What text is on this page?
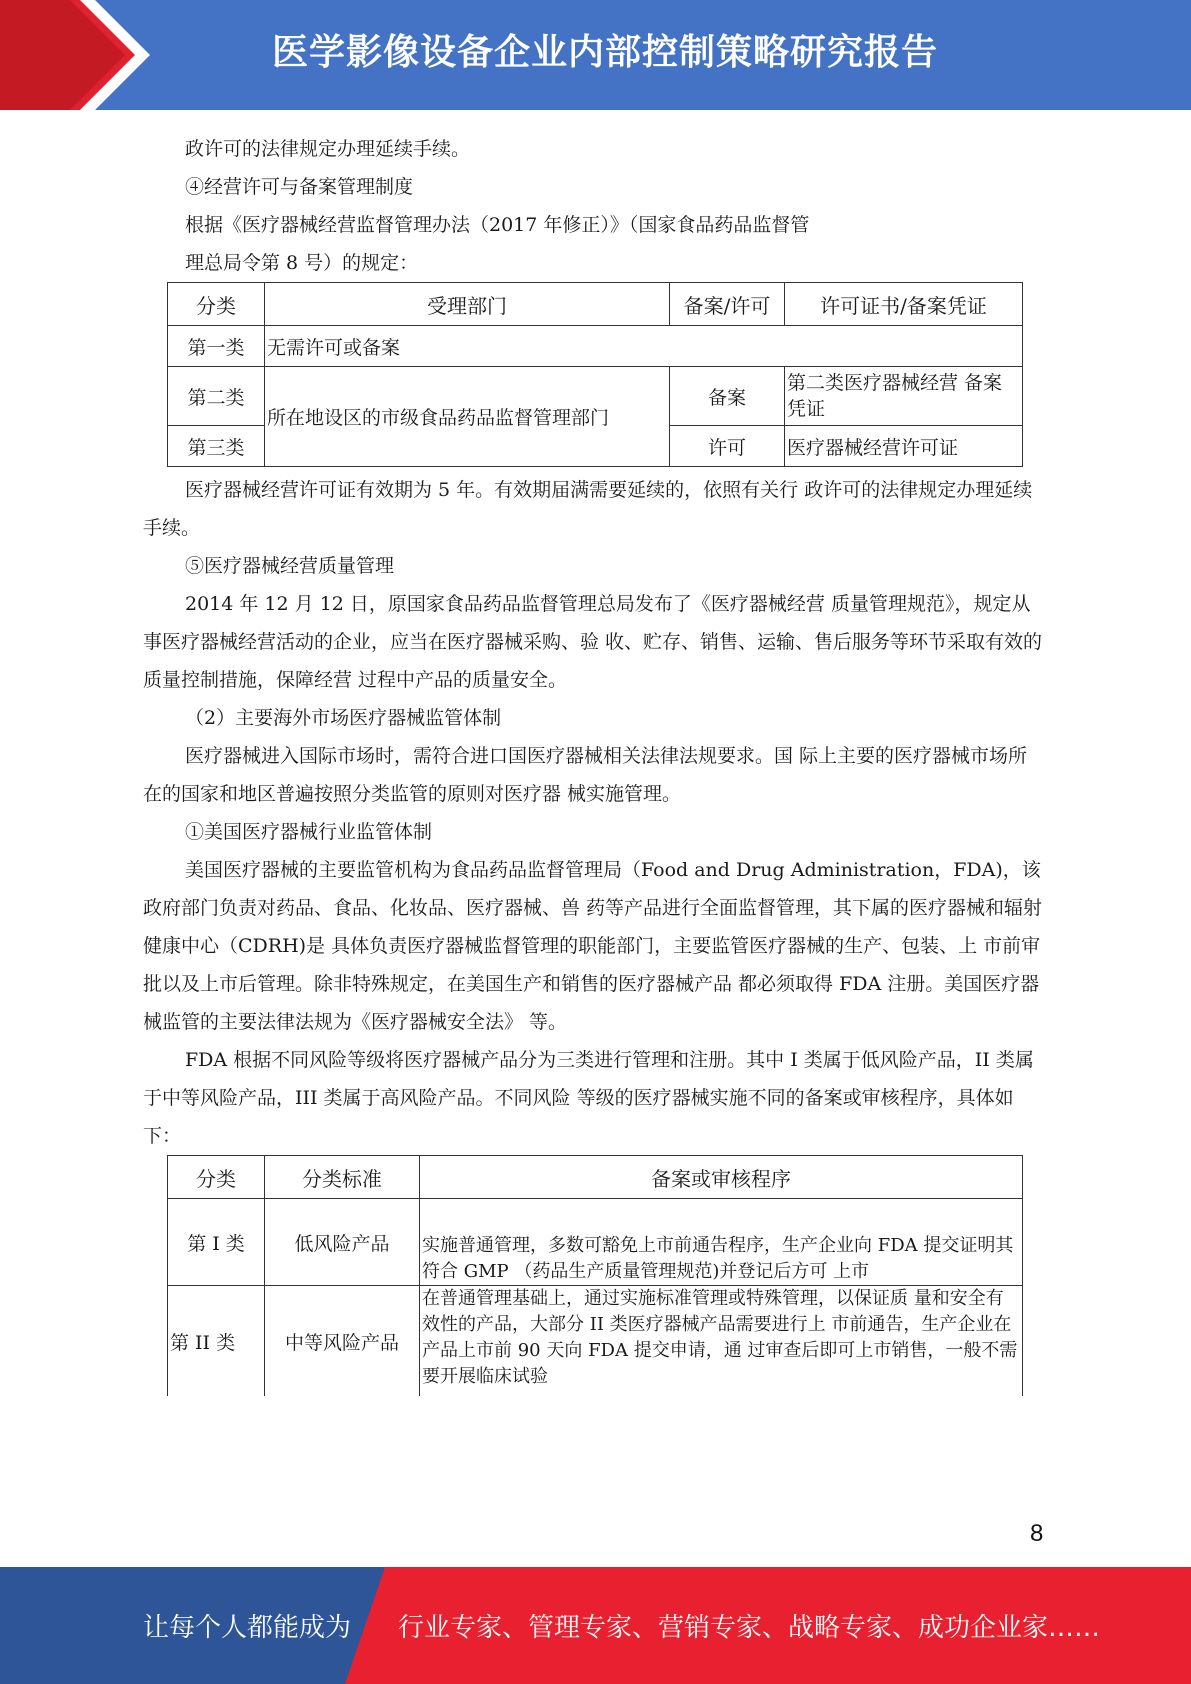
医学影像设备企业内部控制策略研究报告

政许可的法律规定办理延续手续。

④经营许可与备案管理制度

根据《医疗器械经营监督管理办法（2017 年修正）》（国家食品药品监督管

理总局令第 8 号）的规定：

分类	受理部门	备案/许可	许可证书/备案凭证
第一类	无需许可或备案		
第二类	所在地设区的市级食品药品监督管理部门	备案	第二类医疗器械经营 备案凭证
第三类		许可	医疗器械经营许可证

医疗器械经营许可证有效期为 5 年。有效期届满需要延续的，依照有关行 政许可的法律规定办理延续手续。

⑤医疗器械经营质量管理

2014 年 12 月 12 日，原国家食品药品监督管理总局发布了《医疗器械经营 质量管理规范》，规定从事医疗器械经营活动的企业，应当在医疗器械采购、验 收、贮存、销售、运输、售后服务等环节采取有效的质量控制措施，保障经营 过程中产品的质量安全。

（2）主要海外市场医疗器械监管体制

医疗器械进入国际市场时，需符合进口国医疗器械相关法律法规要求。国 际上主要的医疗器械市场所在的国家和地区普遍按照分类监管的原则对医疗器 械实施管理。

①美国医疗器械行业监管体制

美国医疗器械的主要监管机构为食品药品监督管理局（Food and Drug Administration，FDA)，该政府部门负责对药品、食品、化妆品、医疗器械、兽 药等产品进行全面监督管理，其下属的医疗器械和辐射健康中心（CDRH)是 具体负责医疗器械监督管理的职能部门，主要监管医疗器械的生产、包装、上 市前审批以及上市后管理。除非特殊规定，在美国生产和销售的医疗器械产品 都必须取得 FDA 注册。美国医疗器械监管的主要法律法规为《医疗器械安全法》 等。

FDA 根据不同风险等级将医疗器械产品分为三类进行管理和注册。其中 I 类属于低风险产品，II 类属于中等风险产品，III 类属于高风险产品。不同风险 等级的医疗器械实施不同的备案或审核程序，具体如下：

分类	分类标准	备案或审核程序
第 I 类	低风险产品	实施普通管理，多数可豁免上市前通告程序，生产企业向 FDA 提交证明其符合 GMP （药品生产质量管理规范)并登记后方可 上市
第 II 类	中等风险产品	在普通管理基础上，通过实施标准管理或特殊管理，以保证质 量和安全有效性的产品，大部分 II 类医疗器械产品需要进行上 市前通告，生产企业在产品上市前 90 天向 FDA 提交申请，通 过审查后即可上市销售，一般不需要开展临床试验
8
让每个人都能成为 行业专家、管理专家、营销专家、战略专家、成功企业家……
